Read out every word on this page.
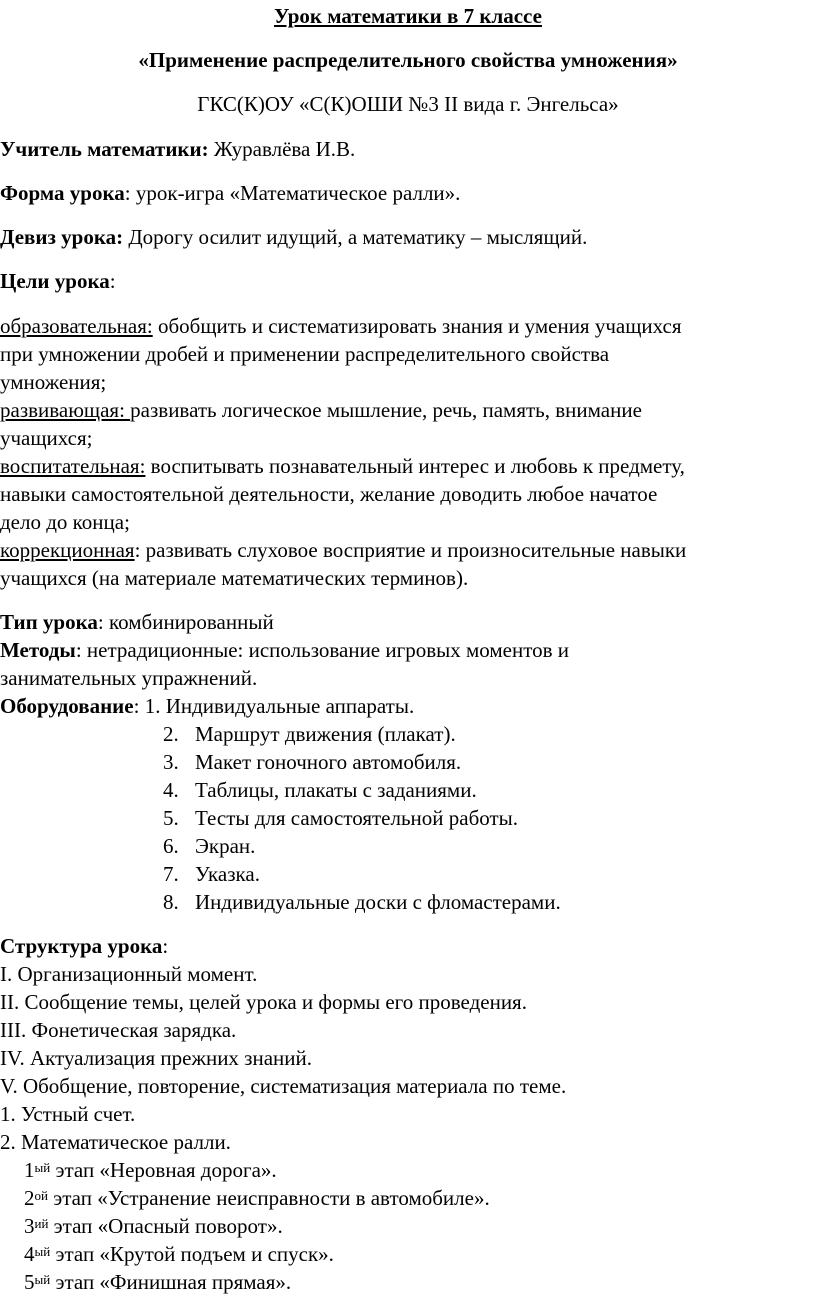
Урок математики в 7 классе
«Применение распределительного свойства умножения»
ГКС(К)ОУ «С(К)ОШИ №3 II вида г. Энгельса»
Учитель математики: Журавлёва И.В.
Форма урока: урок-игра «Математическое ралли».
Девиз урока: Дорогу осилит идущий, а математику – мыслящий.
Цели урока:
образовательная: обобщить и систематизировать знания и умения учащихся
при умножении дробей и применении распределительного свойства
умножения;
развивающая: развивать логическое мышление, речь, память, внимание
учащихся;
воспитательная: воспитывать познавательный интерес и любовь к предмету,
навыки самостоятельной деятельности, желание доводить любое начатое
дело до конца;
коррекционная: развивать слуховое восприятие и произносительные навыки
учащихся (на материале математических терминов).
Тип урока: комбинированный
Методы: нетрадиционные: использование игровых моментов и
занимательных упражнений.
Оборудование: 1. Индивидуальные аппараты.
2. Маршрут движения (плакат).
3. Макет гоночного автомобиля.
4. Таблицы, плакаты с заданиями.
5. Тесты для самостоятельной работы.
6. Экран.
7. Указка.
8. Индивидуальные доски с фломастерами.
Структура урока:
I. Организационный момент.
II. Сообщение темы, целей урока и формы его проведения.
III. Фонетическая зарядка.
IV. Актуализация прежних знаний.
V. Обобщение, повторение, систематизация материала по теме.
1. Устный счет.
2. Математическое ралли.
$1^{ый}$ этап «Неровная дорога».
$2^{ой}$ этап «Устранение неисправности в автомобиле».
$3^{ий}$ этап «Опасный поворот».
$4^{ый}$ этап «Крутой подъем и спуск».
$5^{ый}$ этап «Финишная прямая».
